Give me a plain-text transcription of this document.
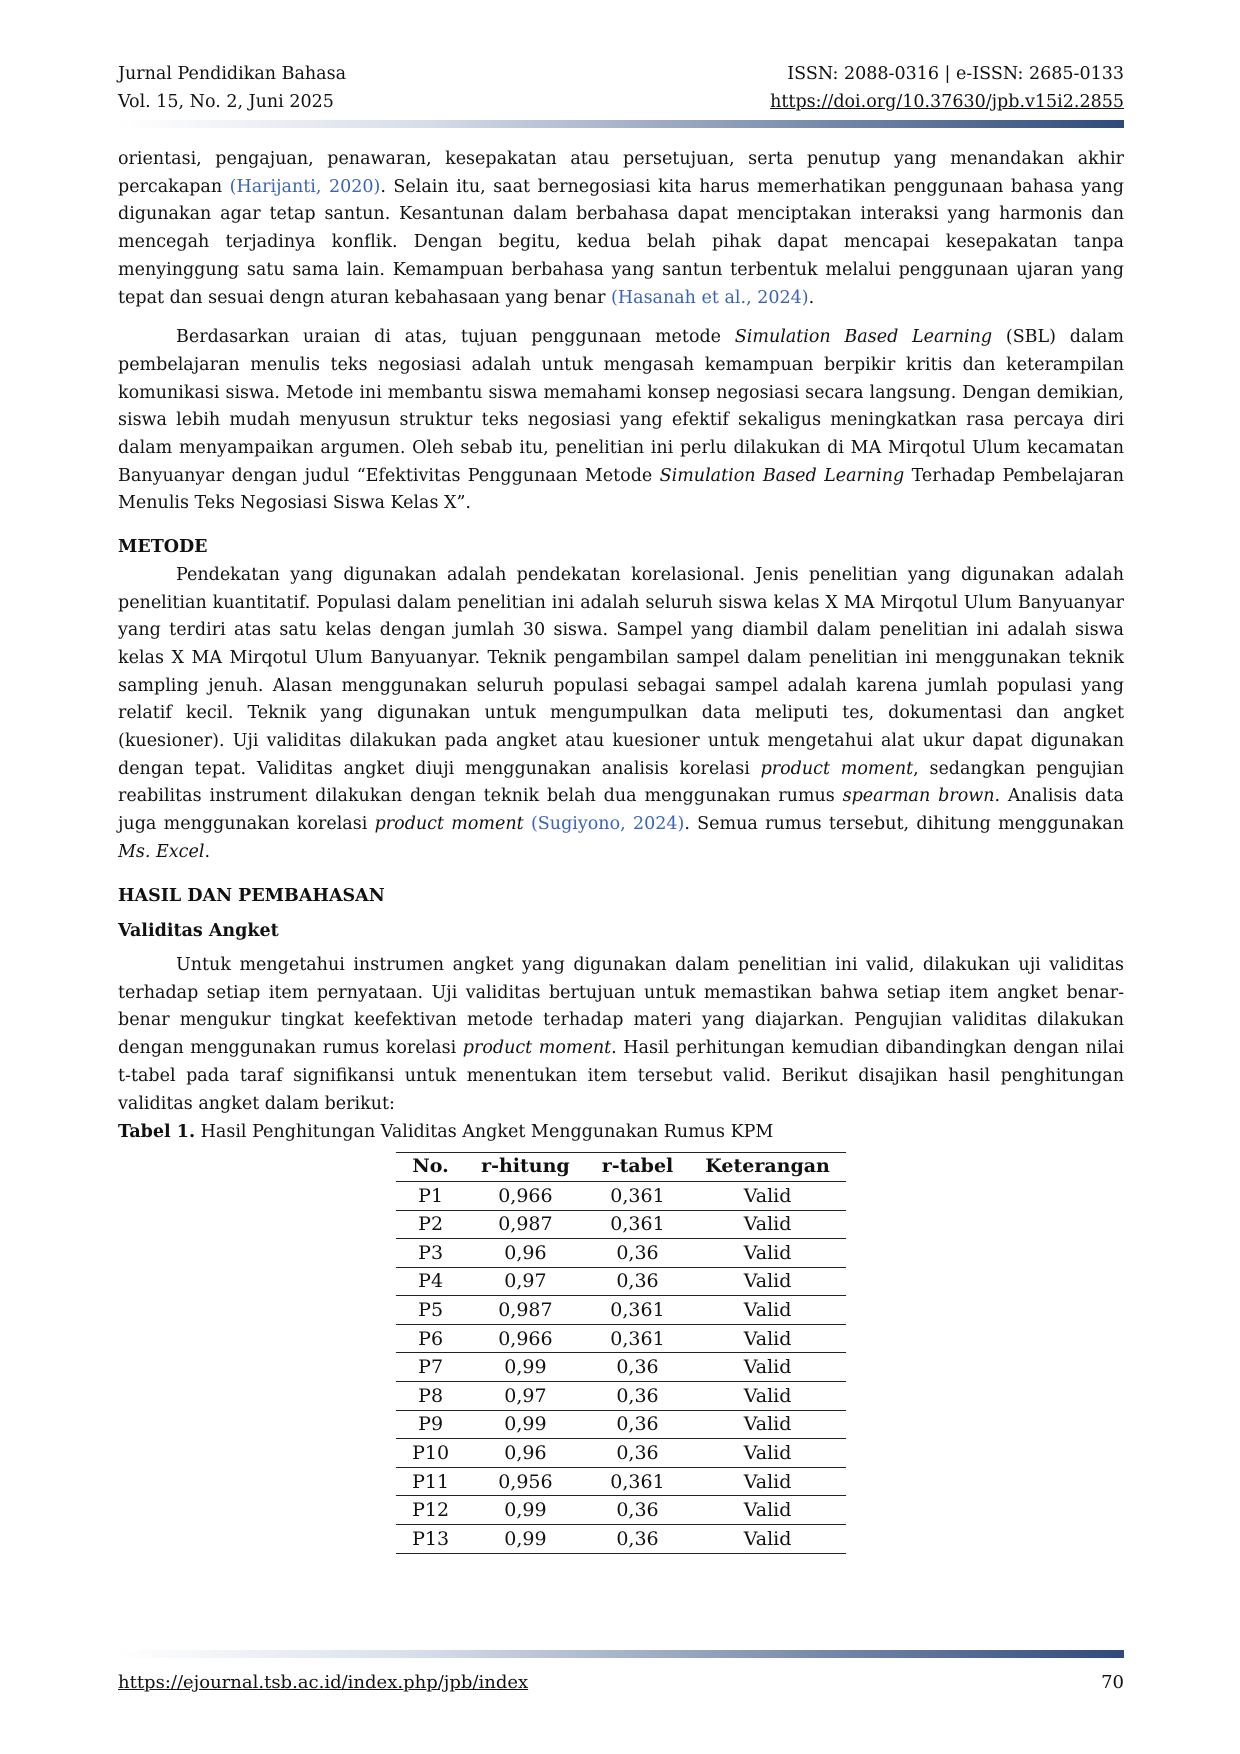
Jurnal Pendidikan Bahasa	ISSN: 2088-0316 | e-ISSN: 2685-0133
Vol. 15, No. 2, Juni 2025	https://doi.org/10.37630/jpb.v15i2.2855

orientasi, pengajuan, penawaran, kesepakatan atau persetujuan, serta penutup yang menandakan akhir percakapan (Harijanti, 2020). Selain itu, saat bernegosiasi kita harus memerhatikan penggunaan bahasa yang digunakan agar tetap santun. Kesantunan dalam berbahasa dapat menciptakan interaksi yang harmonis dan mencegah terjadinya konflik. Dengan begitu, kedua belah pihak dapat mencapai kesepakatan tanpa menyinggung satu sama lain. Kemampuan berbahasa yang santun terbentuk melalui penggunaan ujaran yang tepat dan sesuai dengn aturan kebahasaan yang benar (Hasanah et al., 2024).

Berdasarkan uraian di atas, tujuan penggunaan metode Simulation Based Learning (SBL) dalam pembelajaran menulis teks negosiasi adalah untuk mengasah kemampuan berpikir kritis dan keterampilan komunikasi siswa. Metode ini membantu siswa memahami konsep negosiasi secara langsung. Dengan demikian, siswa lebih mudah menyusun struktur teks negosiasi yang efektif sekaligus meningkatkan rasa percaya diri dalam menyampaikan argumen. Oleh sebab itu, penelitian ini perlu dilakukan di MA Mirqotul Ulum kecamatan Banyuanyar dengan judul “Efektivitas Penggunaan Metode Simulation Based Learning Terhadap Pembelajaran Menulis Teks Negosiasi Siswa Kelas X”.

METODE

Pendekatan yang digunakan adalah pendekatan korelasional. Jenis penelitian yang digunakan adalah penelitian kuantitatif. Populasi dalam penelitian ini adalah seluruh siswa kelas X MA Mirqotul Ulum Banyuanyar yang terdiri atas satu kelas dengan jumlah 30 siswa. Sampel yang diambil dalam penelitian ini adalah siswa kelas X MA Mirqotul Ulum Banyuanyar. Teknik pengambilan sampel dalam penelitian ini menggunakan teknik sampling jenuh. Alasan menggunakan seluruh populasi sebagai sampel adalah karena jumlah populasi yang relatif kecil. Teknik yang digunakan untuk mengumpulkan data meliputi tes, dokumentasi dan angket (kuesioner). Uji validitas dilakukan pada angket atau kuesioner untuk mengetahui alat ukur dapat digunakan dengan tepat. Validitas angket diuji menggunakan analisis korelasi product moment, sedangkan pengujian reabilitas instrument dilakukan dengan teknik belah dua menggunakan rumus spearman brown. Analisis data juga menggunakan korelasi product moment (Sugiyono, 2024). Semua rumus tersebut, dihitung menggunakan Ms. Excel.

HASIL DAN PEMBAHASAN

Validitas Angket

Untuk mengetahui instrumen angket yang digunakan dalam penelitian ini valid, dilakukan uji validitas terhadap setiap item pernyataan. Uji validitas bertujuan untuk memastikan bahwa setiap item angket benar-benar mengukur tingkat keefektivan metode terhadap materi yang diajarkan. Pengujian validitas dilakukan dengan menggunakan rumus korelasi product moment. Hasil perhitungan kemudian dibandingkan dengan nilai t-tabel pada taraf signifikansi untuk menentukan item tersebut valid. Berikut disajikan hasil penghitungan validitas angket dalam berikut:

Tabel 1. Hasil Penghitungan Validitas Angket Menggunakan Rumus KPM

No.	r-hitung	r-tabel	Keterangan
P1	0,966	0,361	Valid
P2	0,987	0,361	Valid
P3	0,96	0,36	Valid
P4	0,97	0,36	Valid
P5	0,987	0,361	Valid
P6	0,966	0,361	Valid
P7	0,99	0,36	Valid
P8	0,97	0,36	Valid
P9	0,99	0,36	Valid
P10	0,96	0,36	Valid
P11	0,956	0,361	Valid
P12	0,99	0,36	Valid
P13	0,99	0,36	Valid
https://ejournal.tsb.ac.id/index.php/jpb/index	70
